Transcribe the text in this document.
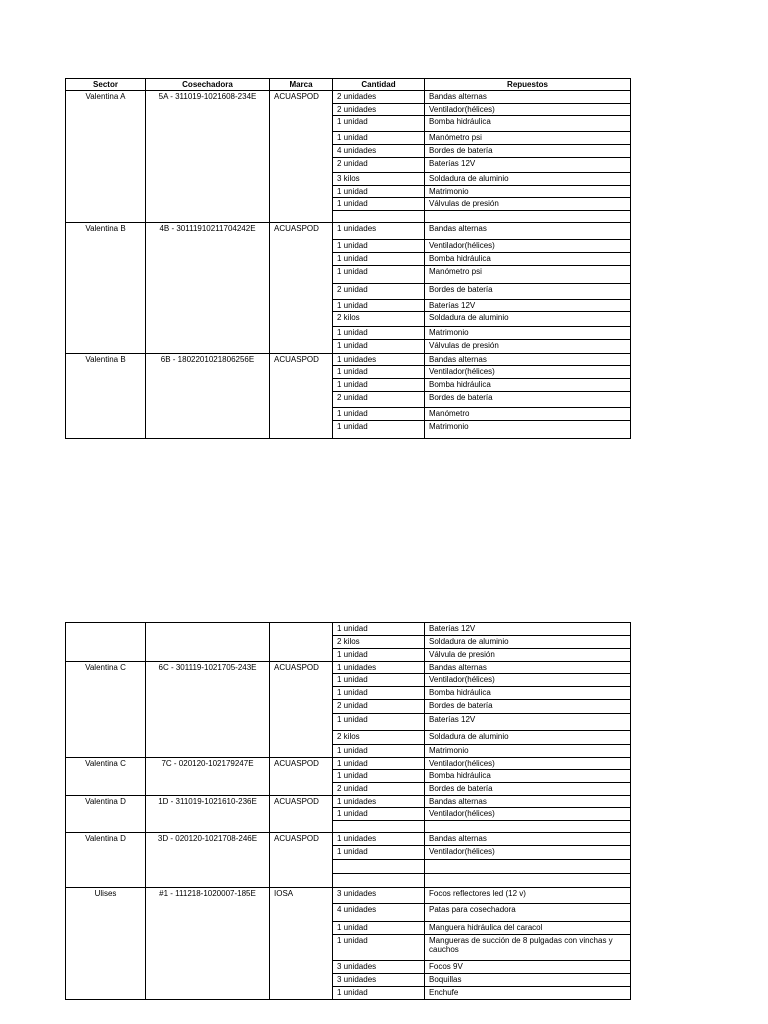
Sector	Cosechadora	Marca	Cantidad	Repuestos
Valentina A	5A - 311019-1021608-234E	ACUASPOD	2 unidades	Bandas alternas
			2 unidades	Ventilador(hélices)
			1 unidad	Bomba hidráulica
			1 unidad	Manómetro psi
			4 unidades	Bordes de batería
			2 unidad	Baterías 12V
			3 kilos	Soldadura de aluminio
			1 unidad	Matrimonio
			1 unidad	Válvulas de presión

Valentina B	4B - 30111910211704242E	ACUASPOD	1 unidades	Bandas alternas
			1 unidad	Ventilador(hélices)
			1 unidad	Bomba hidráulica
			1 unidad	Manómetro psi
			2 unidad	Bordes de batería
			1 unidad	Baterías 12V
			2 kilos	Soldadura de aluminio
			1 unidad	Matrimonio
			1 unidad	Válvulas de presión
Valentina B	6B - 1802201021806256E	ACUASPOD	1 unidades	Bandas alternas
			1 unidad	Ventilador(hélices)
			1 unidad	Bomba hidráulica
			2 unidad	Bordes de batería
			1 unidad	Manómetro
			1 unidad	Matrimonio
			1 unidad	Baterías 12V
			2 kilos	Soldadura de aluminio
			1 unidad	Válvula de presión
Valentina C	6C - 301119-1021705-243E	ACUASPOD	1 unidades	Bandas alternas
			1 unidad	Ventilador(hélices)
			1 unidad	Bomba hidráulica
			2 unidad	Bordes de batería
			1 unidad	Baterías 12V
			2 kilos	Soldadura de aluminio
			1 unidad	Matrimonio
Valentina C	7C - 020120-102179247E	ACUASPOD	1 unidad	Ventilador(hélices)
			1 unidad	Bomba hidráulica
			2 unidad	Bordes de batería
Valentina D	1D - 311019-1021610-236E	ACUASPOD	1 unidades	Bandas alternas
			1 unidad	Ventilador(hélices)

Valentina D	3D - 020120-1021708-246E	ACUASPOD	1 unidades	Bandas alternas
			1 unidad	Ventilador(hélices)

Ulises	#1 - 111218-1020007-185E	IOSA	3 unidades	Focos reflectores led (12 v)
			4 unidades	Patas para cosechadora
			1 unidad	Manguera hidráulica del caracol
			1 unidad	Mangueras de succión de 8 pulgadas con vinchas y cauchos
			3 unidades	Focos 9V
			3 unidades	Boquillas
			1 unidad	Enchufe
